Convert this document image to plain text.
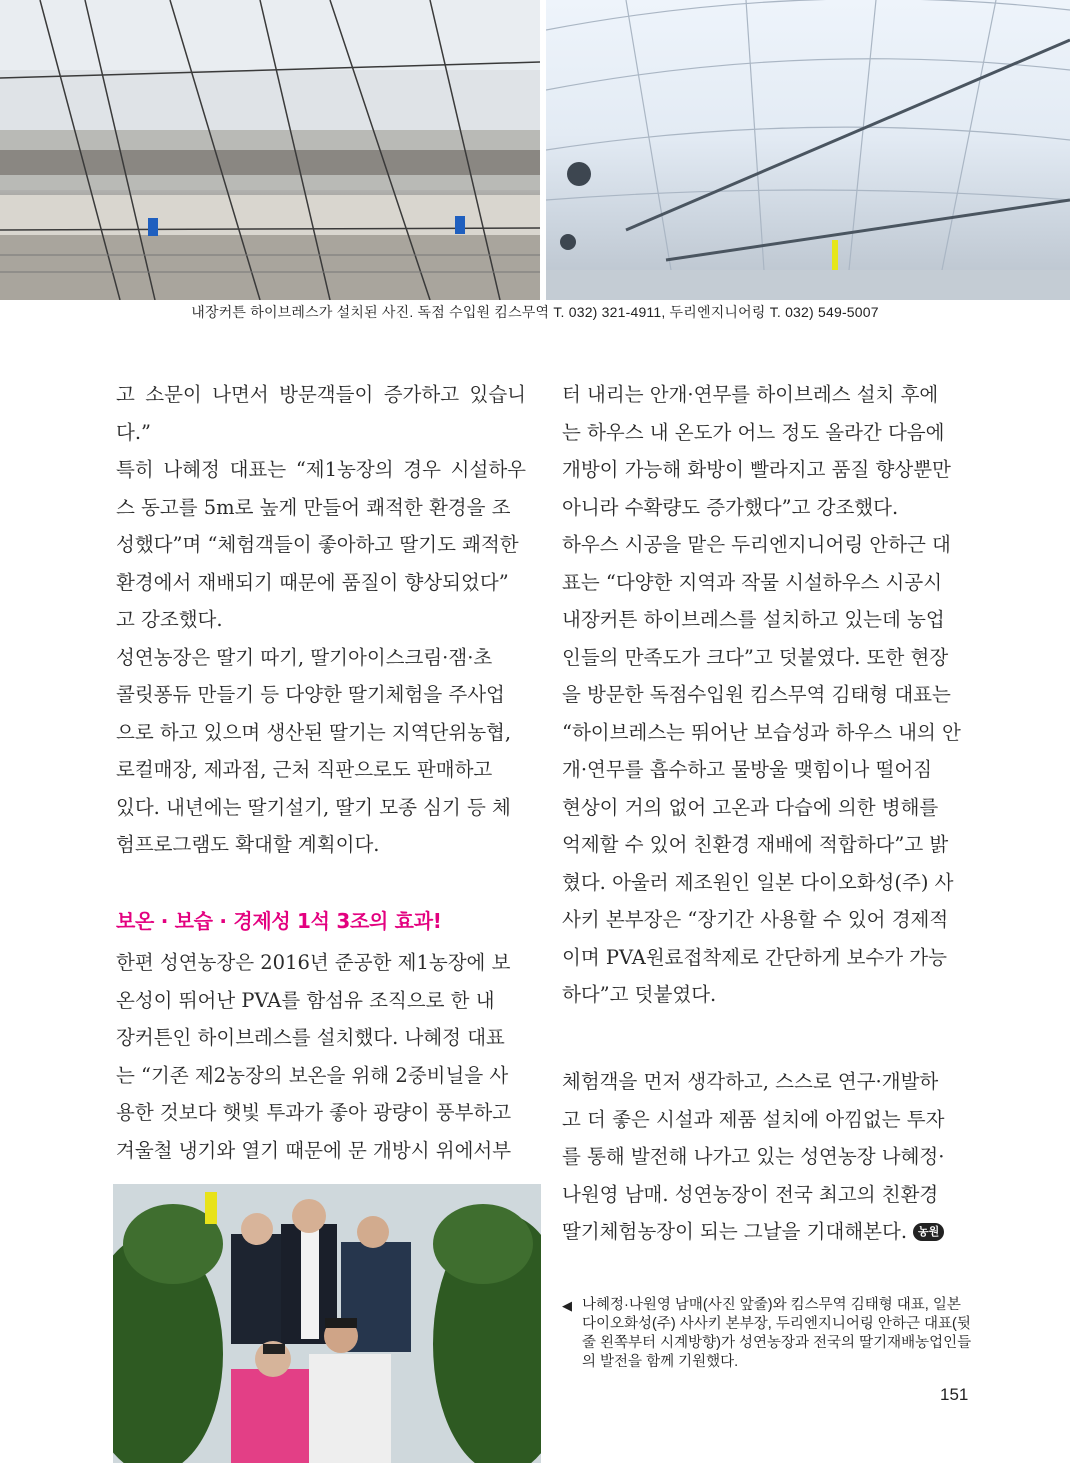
내장커튼 하이브레스가 설치된 사진. 독점 수입원 킴스무역 T. 032) 321-4911, 두리엔지니어링 T. 032) 549-5007

고 소문이 나면서 방문객들이 증가하고 있습니

다.”

특히 나혜정 대표는 “제1농장의 경우 시설하우
스 동고를 5m로 높게 만들어 쾌적한 환경을 조
성했다”며 “체험객들이 좋아하고 딸기도 쾌적한
환경에서 재배되기 때문에 품질이 향상되었다”
고 강조했다.
성연농장은 딸기 따기, 딸기아이스크림·잼·초
콜릿퐁듀 만들기 등 다양한 딸기체험을 주사업
으로 하고 있으며 생산된 딸기는 지역단위농협,
로컬매장, 제과점, 근처 직판으로도 판매하고
있다. 내년에는 딸기설기, 딸기 모종 심기 등 체
험프로그램도 확대할 계획이다.
보온 · 보습 · 경제성 1석 3조의 효과!
한편 성연농장은 2016년 준공한 제1농장에 보
온성이 뛰어난 PVA를 함섬유 조직으로 한 내
장커튼인 하이브레스를 설치했다. 나혜정 대표
는 “기존 제2농장의 보온을 위해 2중비닐을 사
용한 것보다 햇빛 투과가 좋아 광량이 풍부하고
겨울철 냉기와 열기 때문에 문 개방시 위에서부
터 내리는 안개·연무를 하이브레스 설치 후에
는 하우스 내 온도가 어느 정도 올라간 다음에
개방이 가능해 화방이 빨라지고 품질 향상뿐만
아니라 수확량도 증가했다”고 강조했다.
하우스 시공을 맡은 두리엔지니어링 안하근 대
표는 “다양한 지역과 작물 시설하우스 시공시
내장커튼 하이브레스를 설치하고 있는데 농업
인들의 만족도가 크다”고 덧붙였다. 또한 현장
을 방문한 독점수입원 킴스무역 김태형 대표는
“하이브레스는 뛰어난 보습성과 하우스 내의 안
개·연무를 흡수하고 물방울 맺힘이나 떨어짐
현상이 거의 없어 고온과 다습에 의한 병해를
억제할 수 있어 친환경 재배에 적합하다”고 밝
혔다. 아울러 제조원인 일본 다이오화성(주) 사
사키 본부장은 “장기간 사용할 수 있어 경제적
이며 PVA원료접착제로 간단하게 보수가 가능
하다”고 덧붙였다.
체험객을 먼저 생각하고, 스스로 연구·개발하
고 더 좋은 시설과 제품 설치에 아낌없는 투자
를 통해 발전해 나가고 있는 성연농장 나혜정·
나원영 남매. 성연농장이 전국 최고의 친환경
딸기체험농장이 되는 그날을 기대해본다. 농원
◀ 나혜정·나원영 남매(사진 앞줄)와 킴스무역 김태형 대표, 일본 다이오화성(주) 사사키 본부장, 두리엔지니어링 안하근 대표(뒷줄 왼쪽부터 시계방향)가 성연농장과 전국의 딸기재배농업인들의 발전을 함께 기원했다.
151
